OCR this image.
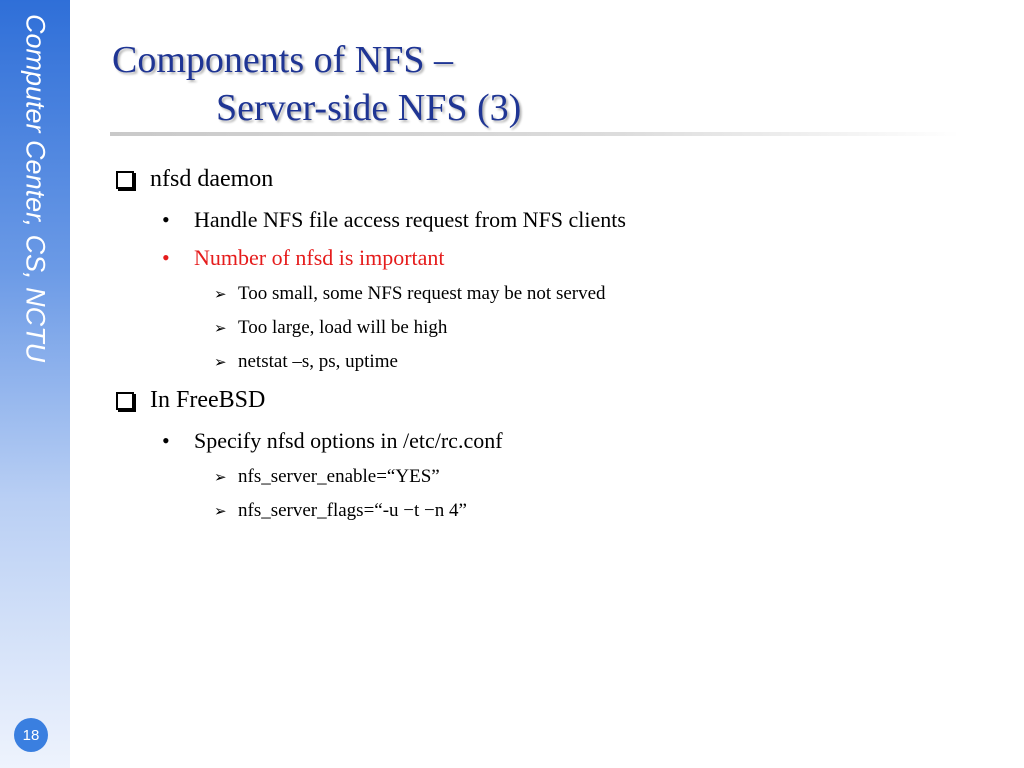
Computer Center, CS, NCTU
18
Components of NFS –
Server-side NFS (3)
nfsd daemon
•	Handle NFS file access request from NFS clients
•	Number of nfsd is important
➢ Too small, some NFS request may be not served
➢ Too large, load will be high
➢ netstat –s, ps, uptime
In FreeBSD
•	Specify nfsd options in /etc/rc.conf
➢ nfs_server_enable=“YES”
➢ nfs_server_flags=“-u −t −n 4”
